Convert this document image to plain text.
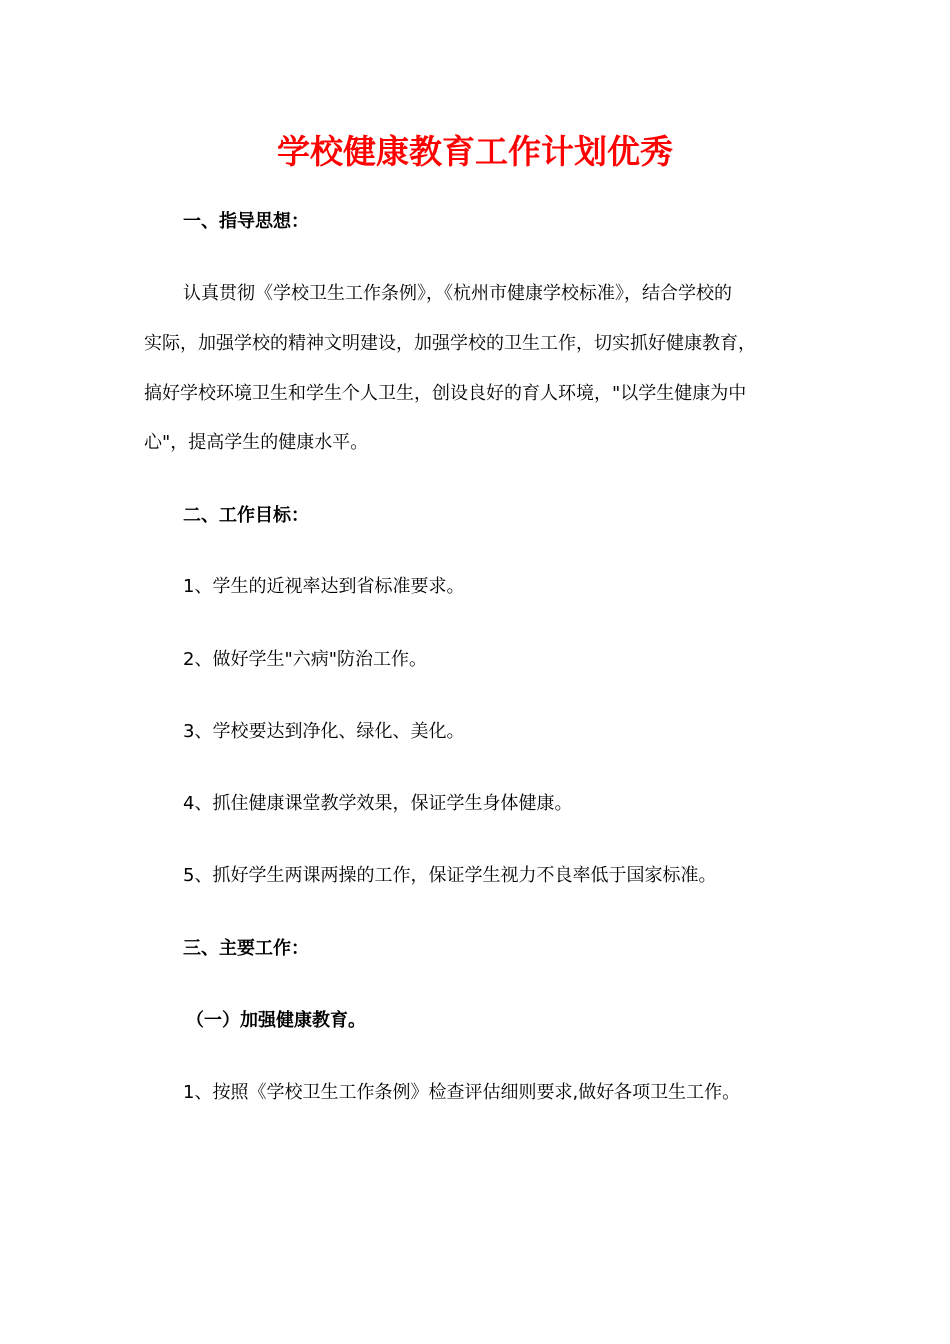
学校健康教育工作计划优秀

一、指导思想：

认真贯彻《学校卫生工作条例》，《杭州市健康学校标准》，结合学校的

实际，加强学校的精神文明建设，加强学校的卫生工作，切实抓好健康教育，

搞好学校环境卫生和学生个人卫生，创设良好的育人环境，"以学生健康为中

心"，提高学生的健康水平。

二、工作目标：

1、学生的近视率达到省标准要求。

2、做好学生"六病"防治工作。

3、学校要达到净化、绿化、美化。

4、抓住健康课堂教学效果，保证学生身体健康。

5、抓好学生两课两操的工作，保证学生视力不良率低于国家标准。

三、主要工作：

（一）加强健康教育。

1、按照《学校卫生工作条例》检查评估细则要求,做好各项卫生工作。
